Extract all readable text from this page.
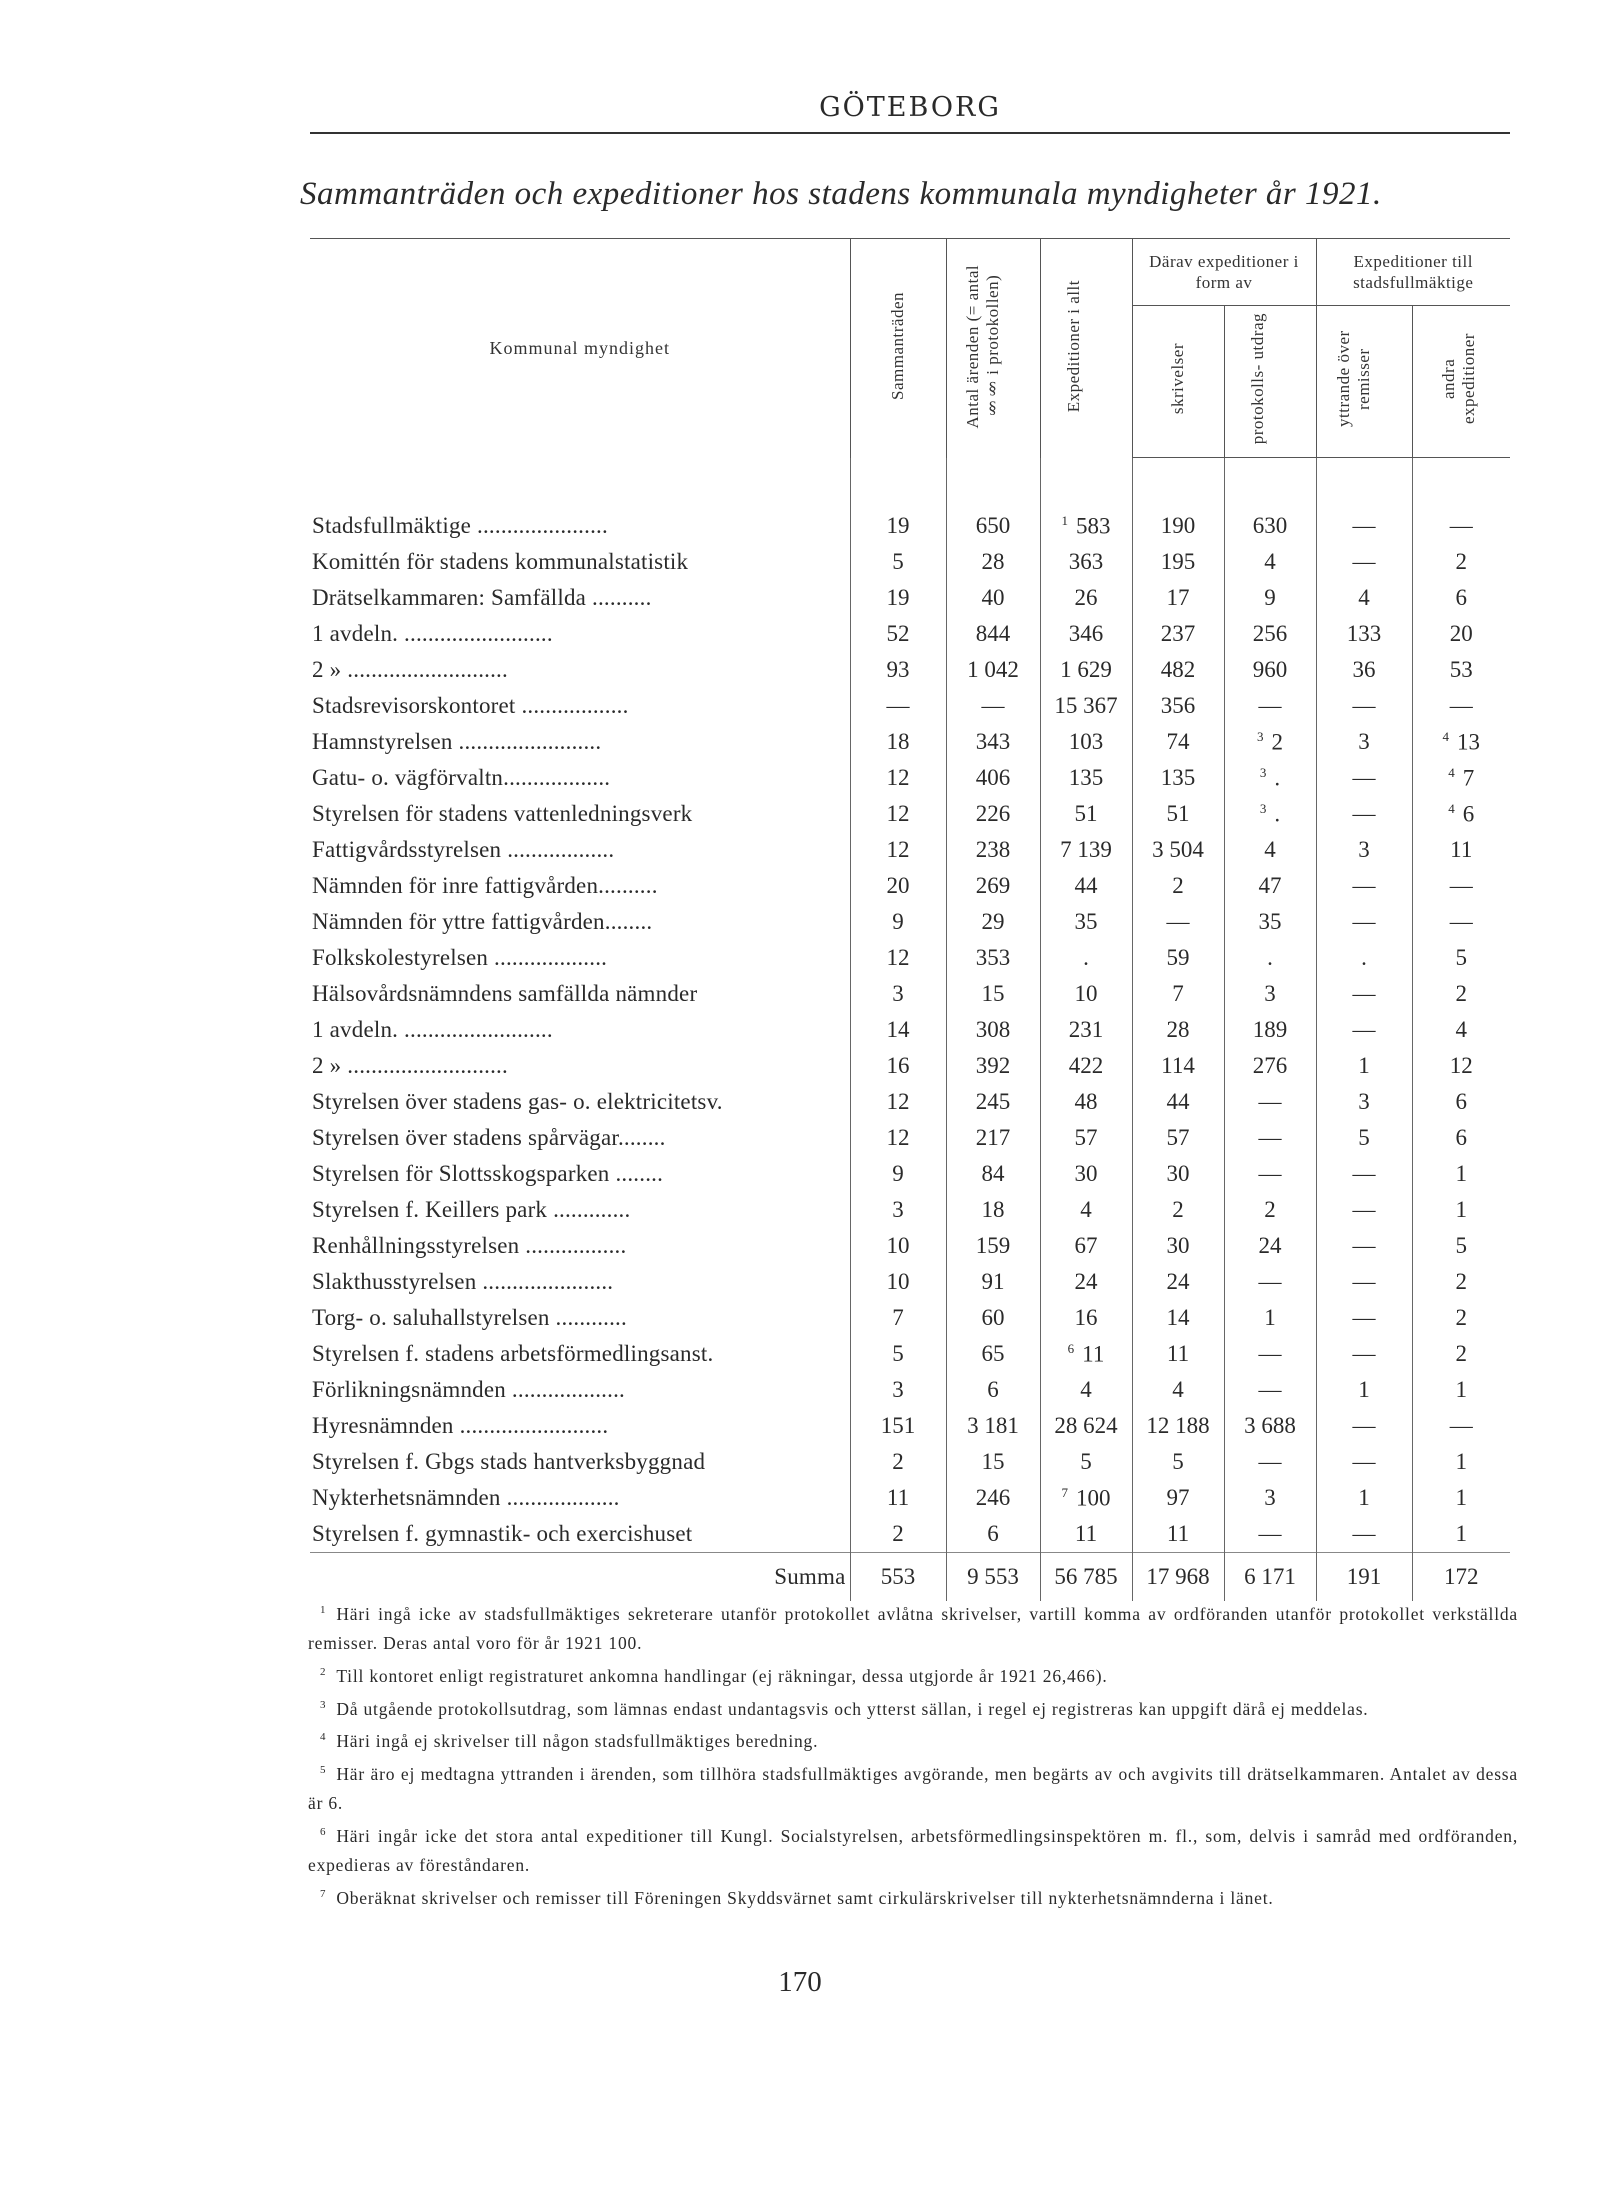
GÖTEBORG
Sammanträden och expeditioner hos stadens kommunala myndigheter år 1921.
Kommunal myndighet	Sammanträden	Antal ärenden (= antal §§ i protokollen)	Expeditioner i allt	Därav expeditioner i form av		Expeditioner till stadsfullmäktige	
				skrivelser	protokolls- utdrag	yttrande över remisser	andra expeditioner

Stadsfullmäktige ......................	19	650	$^1$ 583	190	630	—	—
Komittén för stadens kommunalstatistik	5	28	363	195	4	—	2
Drätselkammaren: Samfällda ..........	19	40	26	17	9	4	6
1 avdeln. .........................	52	844	346	237	256	133	20
2 » ...........................	93	1 042	1 629	482	960	36	53
Stadsrevisorskontoret ..................	—	—	15 367	356	—	—	—
Hamnstyrelsen ........................	18	343	103	74	$^3$ 2	3	$^4$ 13
Gatu- o. vägförvaltn..................	12	406	135	135	$^3$ .	—	$^4$ 7
Styrelsen för stadens vattenledningsverk	12	226	51	51	$^3$ .	—	$^4$ 6
Fattigvårdsstyrelsen ..................	12	238	7 139	3 504	4	3	11
Nämnden för inre fattigvården..........	20	269	44	2	47	—	—
Nämnden för yttre fattigvården........	9	29	35	—	35	—	—
Folkskolestyrelsen ...................	12	353	.	59	.	.	5
Hälsovårdsnämndens samfällda nämnder	3	15	10	7	3	—	2
1 avdeln. .........................	14	308	231	28	189	—	4
2 » ...........................	16	392	422	114	276	1	12
Styrelsen över stadens gas- o. elektricitetsv.	12	245	48	44	—	3	6
Styrelsen över stadens spårvägar........	12	217	57	57	—	5	6
Styrelsen för Slottsskogsparken ........	9	84	30	30	—	—	1
Styrelsen f. Keillers park .............	3	18	4	2	2	—	1
Renhållningsstyrelsen .................	10	159	67	30	24	—	5
Slakthusstyrelsen ......................	10	91	24	24	—	—	2
Torg- o. saluhallstyrelsen ............	7	60	16	14	1	—	2
Styrelsen f. stadens arbetsförmedlingsanst.	5	65	$^6$ 11	11	—	—	2
Förlikningsnämnden ...................	3	6	4	4	—	1	1
Hyresnämnden .........................	151	3 181	28 624	12 188	3 688	—	—
Styrelsen f. Gbgs stads hantverksbyggnad	2	15	5	5	—	—	1
Nykterhetsnämnden ...................	11	246	$^7$ 100	97	3	1	1
Styrelsen f. gymnastik- och exercishuset	2	6	11	11	—	—	1
Summa	553	9 553	56 785	17 968	6 171	191	172

$^1$ Häri ingå icke av stadsfullmäktiges sekreterare utanför protokollet avlåtna skrivelser, vartill komma av ordföranden utanför protokollet verkställda remisser. Deras antal voro för år 1921 100.

$^2$ Till kontoret enligt registraturet ankomna handlingar (ej räkningar, dessa utgjorde år 1921 26,466).

$^3$ Då utgående protokollsutdrag, som lämnas endast undantagsvis och ytterst sällan, i regel ej registreras kan uppgift därå ej meddelas.

$^4$ Häri ingå ej skrivelser till någon stadsfullmäktiges beredning.

$^5$ Här äro ej medtagna yttranden i ärenden, som tillhöra stadsfullmäktiges avgörande, men begärts av och avgivits till drätselkammaren. Antalet av dessa är 6.

$^6$ Häri ingår icke det stora antal expeditioner till Kungl. Socialstyrelsen, arbetsförmedlingsinspektören m. fl., som, delvis i samråd med ordföranden, expedieras av föreståndaren.

$^7$ Oberäknat skrivelser och remisser till Föreningen Skyddsvärnet samt cirkulärskrivelser till nykterhetsnämnderna i länet.

170
